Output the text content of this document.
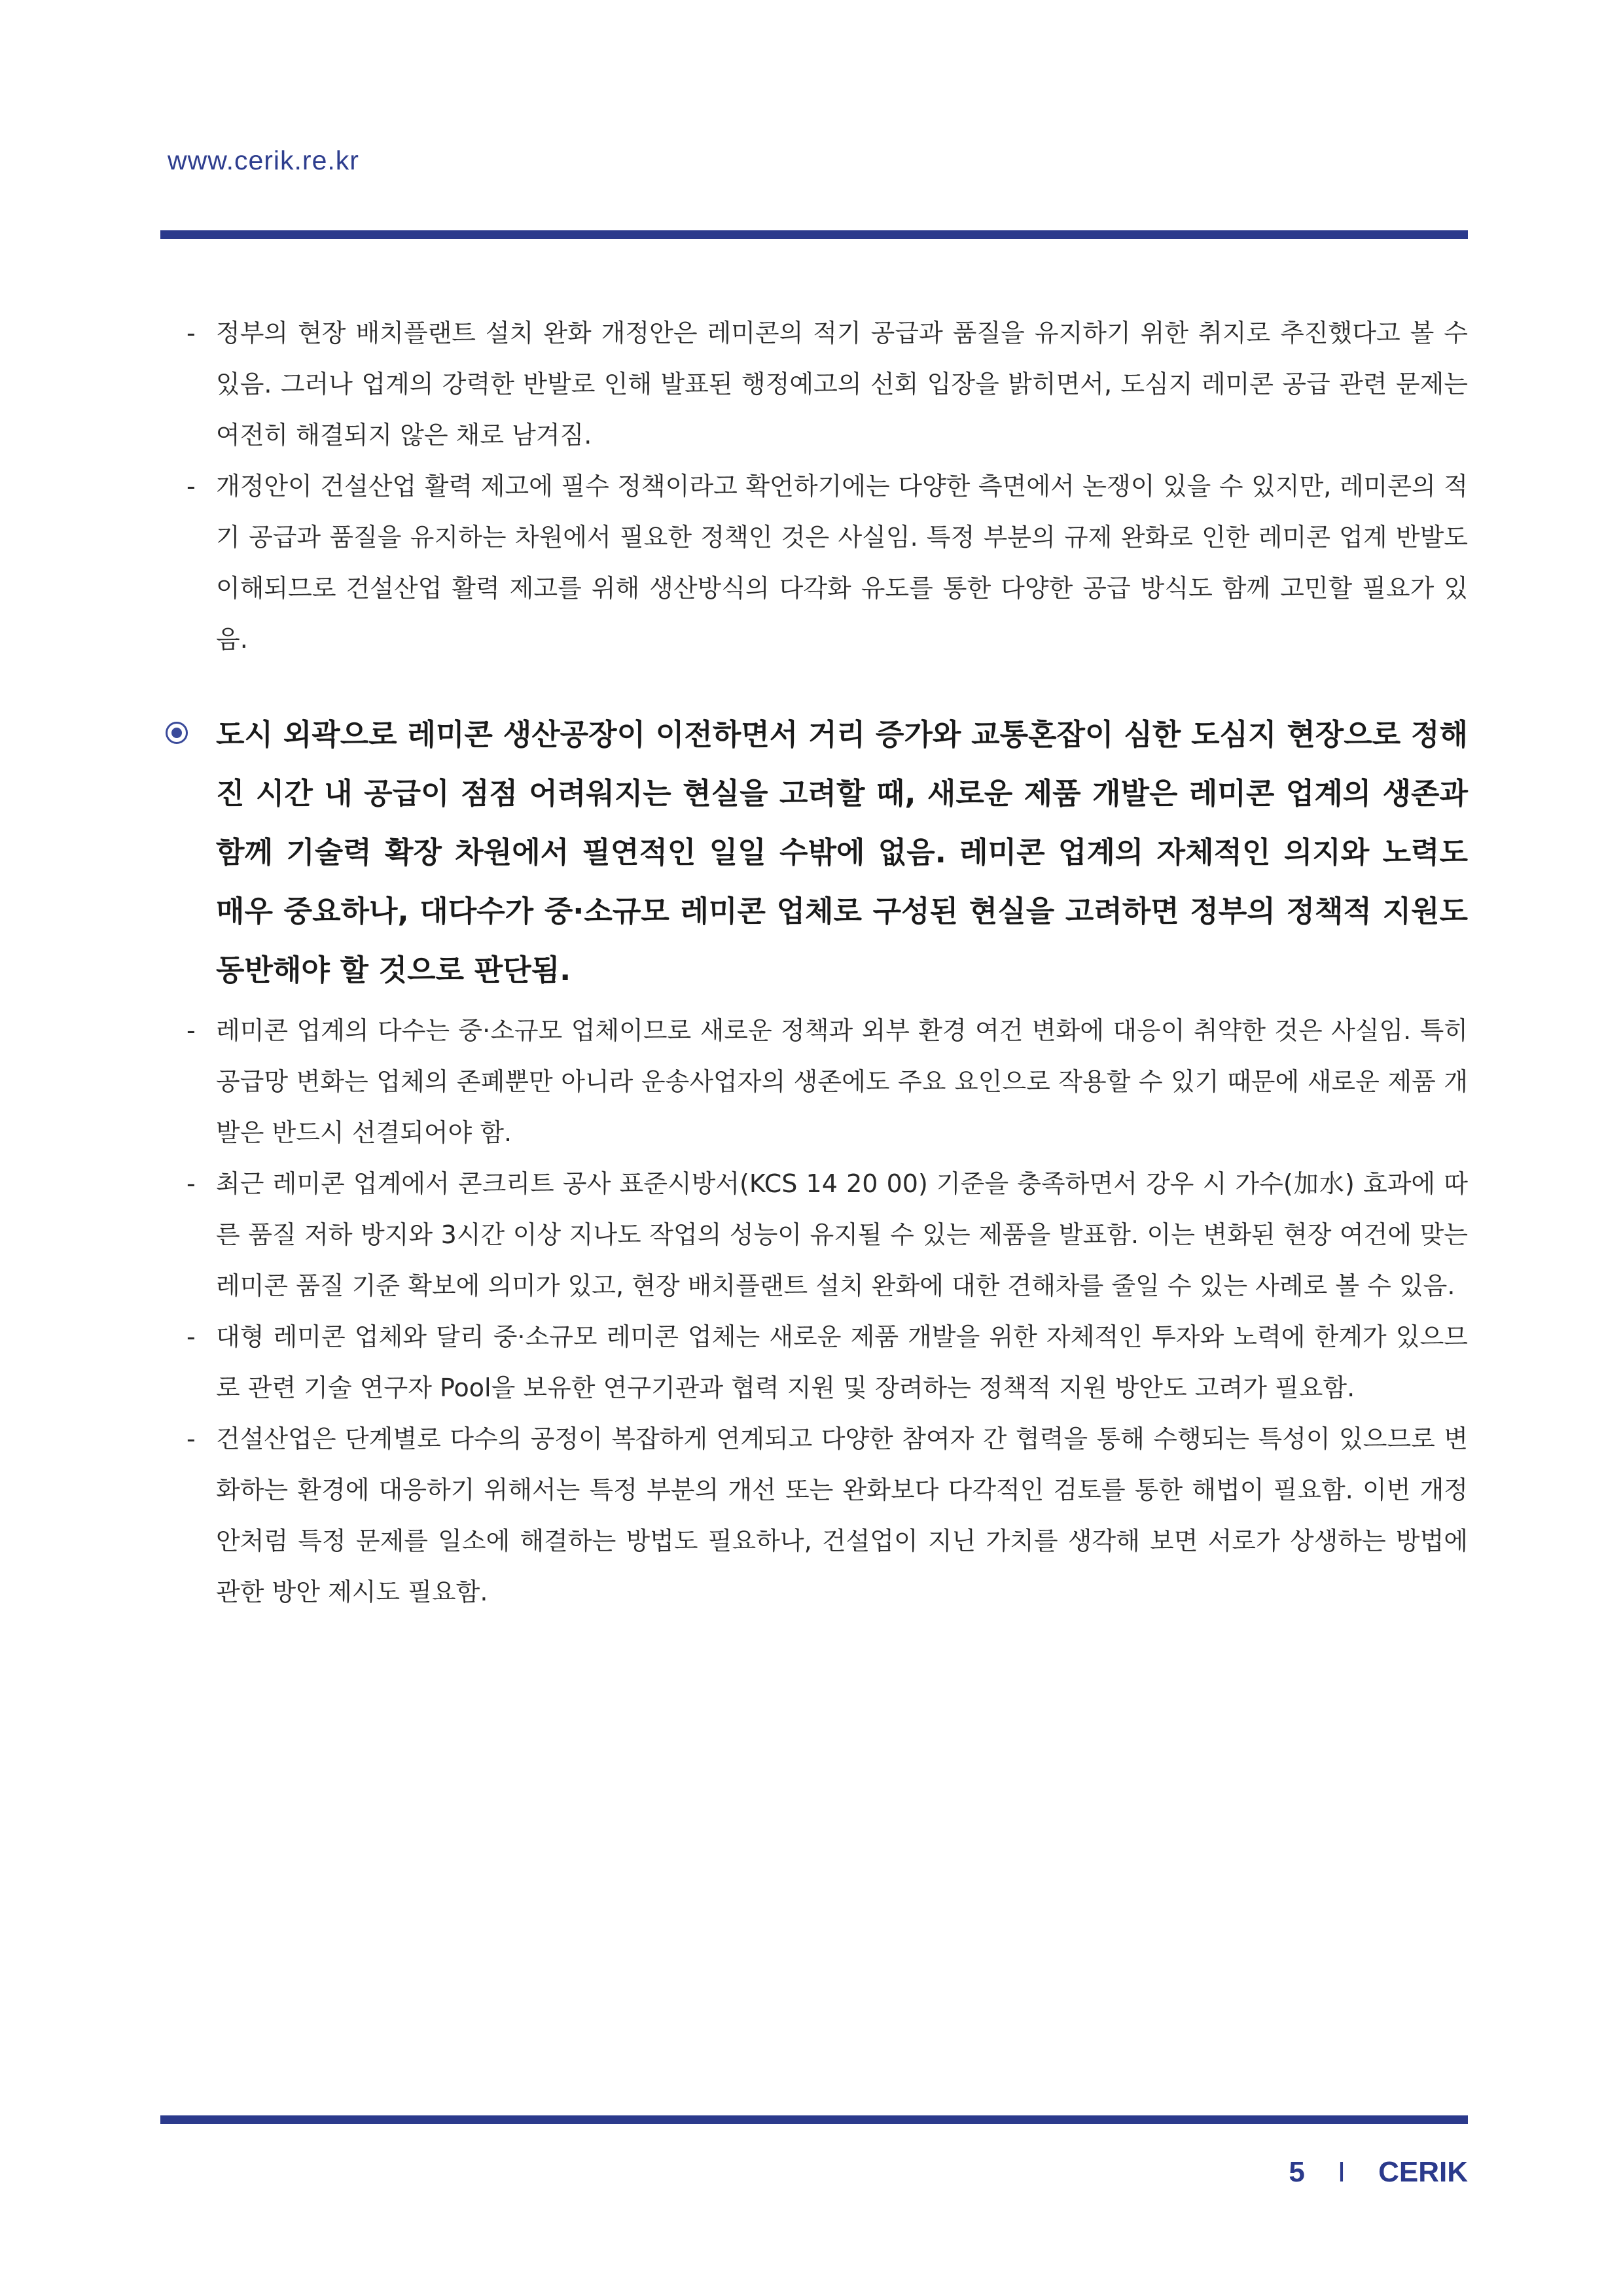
www.cerik.re.kr
- 정부의 현장 배치플랜트 설치 완화 개정안은 레미콘의 적기 공급과 품질을 유지하기 위한 취지로 추진했다고 볼 수 있음. 그러나 업계의 강력한 반발로 인해 발표된 행정예고의 선회 입장을 밝히면서, 도심지 레미콘 공급 관련 문제는 여전히 해결되지 않은 채로 남겨짐.
- 개정안이 건설산업 활력 제고에 필수 정책이라고 확언하기에는 다양한 측면에서 논쟁이 있을 수 있지만, 레미콘의 적기 공급과 품질을 유지하는 차원에서 필요한 정책인 것은 사실임. 특정 부분의 규제 완화로 인한 레미콘 업계 반발도 이해되므로 건설산업 활력 제고를 위해 생산방식의 다각화 유도를 통한 다양한 공급 방식도 함께 고민할 필요가 있음.
도시 외곽으로 레미콘 생산공장이 이전하면서 거리 증가와 교통혼잡이 심한 도심지 현장으로 정해진 시간 내 공급이 점점 어려워지는 현실을 고려할 때, 새로운 제품 개발은 레미콘 업계의 생존과 함께 기술력 확장 차원에서 필연적인 일일 수밖에 없음. 레미콘 업계의 자체적인 의지와 노력도 매우 중요하나, 대다수가 중·소규모 레미콘 업체로 구성된 현실을 고려하면 정부의 정책적 지원도 동반해야 할 것으로 판단됨.
- 레미콘 업계의 다수는 중·소규모 업체이므로 새로운 정책과 외부 환경 여건 변화에 대응이 취약한 것은 사실임. 특히 공급망 변화는 업체의 존폐뿐만 아니라 운송사업자의 생존에도 주요 요인으로 작용할 수 있기 때문에 새로운 제품 개발은 반드시 선결되어야 함.
- 최근 레미콘 업계에서 콘크리트 공사 표준시방서(KCS 14 20 00) 기준을 충족하면서 강우 시 가수(加水) 효과에 따른 품질 저하 방지와 3시간 이상 지나도 작업의 성능이 유지될 수 있는 제품을 발표함. 이는 변화된 현장 여건에 맞는 레미콘 품질 기준 확보에 의미가 있고, 현장 배치플랜트 설치 완화에 대한 견해차를 줄일 수 있는 사례로 볼 수 있음.
- 대형 레미콘 업체와 달리 중·소규모 레미콘 업체는 새로운 제품 개발을 위한 자체적인 투자와 노력에 한계가 있으므로 관련 기술 연구자 Pool을 보유한 연구기관과 협력 지원 및 장려하는 정책적 지원 방안도 고려가 필요함.
- 건설산업은 단계별로 다수의 공정이 복잡하게 연계되고 다양한 참여자 간 협력을 통해 수행되는 특성이 있으므로 변화하는 환경에 대응하기 위해서는 특정 부분의 개선 또는 완화보다 다각적인 검토를 통한 해법이 필요함. 이번 개정안처럼 특정 문제를 일소에 해결하는 방법도 필요하나, 건설업이 지닌 가치를 생각해 보면 서로가 상생하는 방법에 관한 방안 제시도 필요함.
5 I CERIK
